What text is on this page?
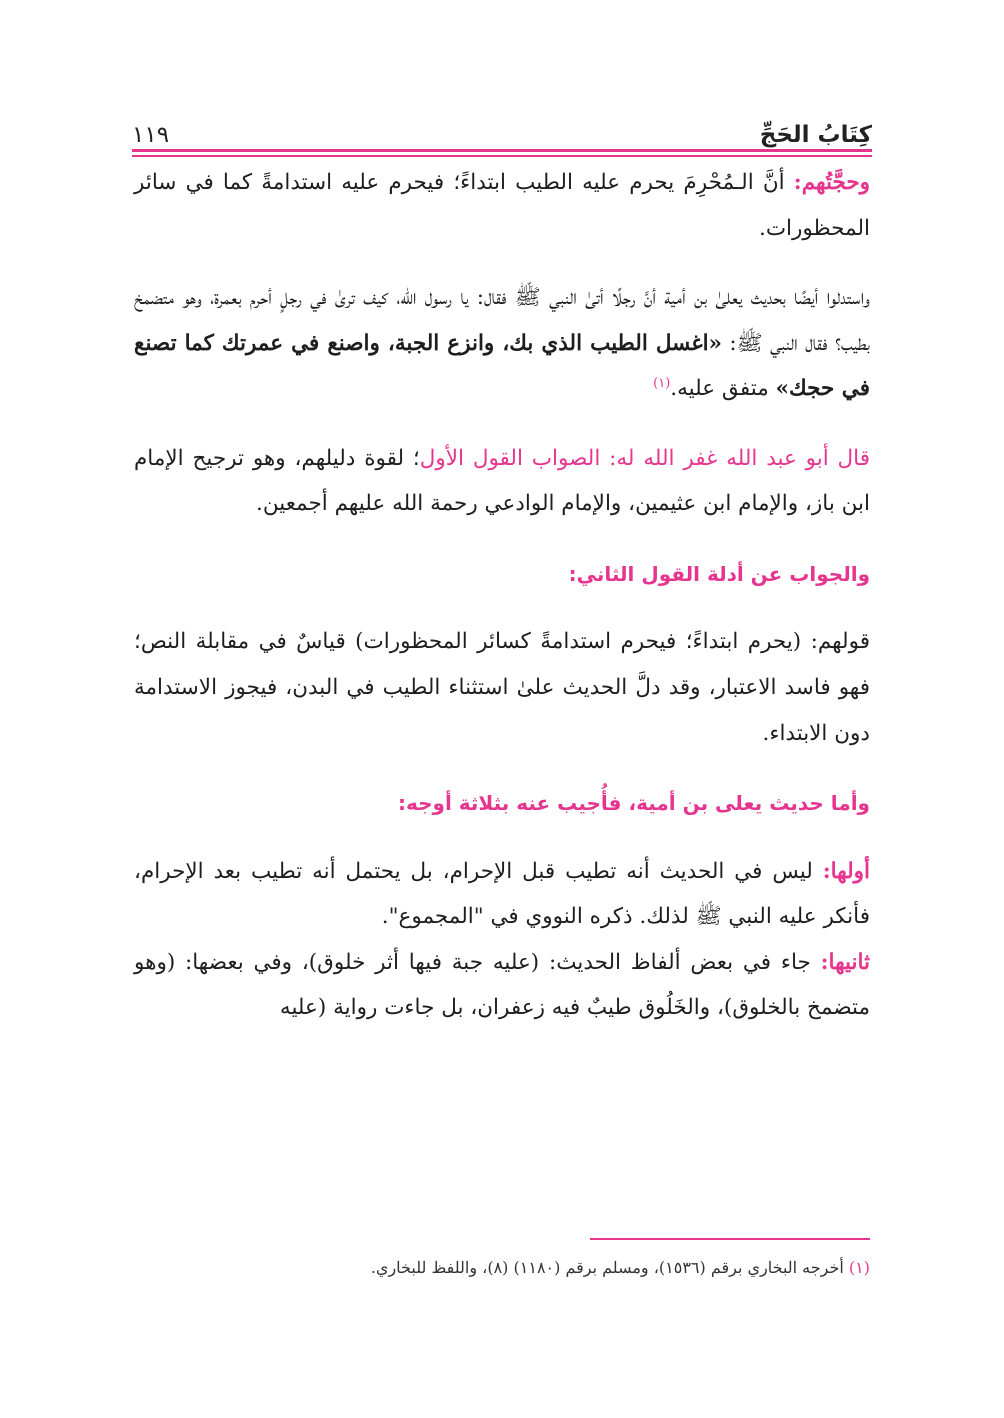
كِتَابُ الحَجِّ
١١٩

وحجَّتُهم: أنَّ الـمُحْرِمَ يحرم عليه الطيب ابتداءً؛ فيحرم عليه استدامةً كما في سائر المحظورات.

واستدلوا أيضًا بحديث يعلىٰ بن أمية أنَّ رجلًا أتىٰ النبي ﷺ فقال: يا رسول الله، كيف ترىٰ في رجلٍ أحرم بعمرة، وهو متضمخ بطيب؟ فقال النبي ﷺ: «اغسل الطيب الذي بك، وانزع الجبة، واصنع في عمرتك كما تصنع في حجك» متفق عليه.$^{(١)}$

قال أبو عبد الله غفر الله له: الصواب القول الأول؛ لقوة دليلهم، وهو ترجيح الإمام ابن باز، والإمام ابن عثيمين، والإمام الوادعي رحمة الله عليهم أجمعين.

والجواب عن أدلة القول الثاني:

قولهم: (يحرم ابتداءً؛ فيحرم استدامةً كسائر المحظورات) قياسٌ في مقابلة النص؛ فهو فاسد الاعتبار، وقد دلَّ الحديث علىٰ استثناء الطيب في البدن، فيجوز الاستدامة دون الابتداء.

وأما حديث يعلى بن أمية، فأُجيب عنه بثلاثة أوجه:

أولها: ليس في الحديث أنه تطيب قبل الإحرام، بل يحتمل أنه تطيب بعد الإحرام، فأنكر عليه النبي ﷺ لذلك. ذكره النووي في "المجموع".

ثانيها: جاء في بعض ألفاظ الحديث: (عليه جبة فيها أثر خلوق)، وفي بعضها: (وهو متضمخ بالخلوق)، والخَلُوق طيبٌ فيه زعفران، بل جاءت رواية (عليه

(١) أخرجه البخاري برقم (١٥٣٦)، ومسلم برقم (١١٨٠) (٨)، واللفظ للبخاري.
